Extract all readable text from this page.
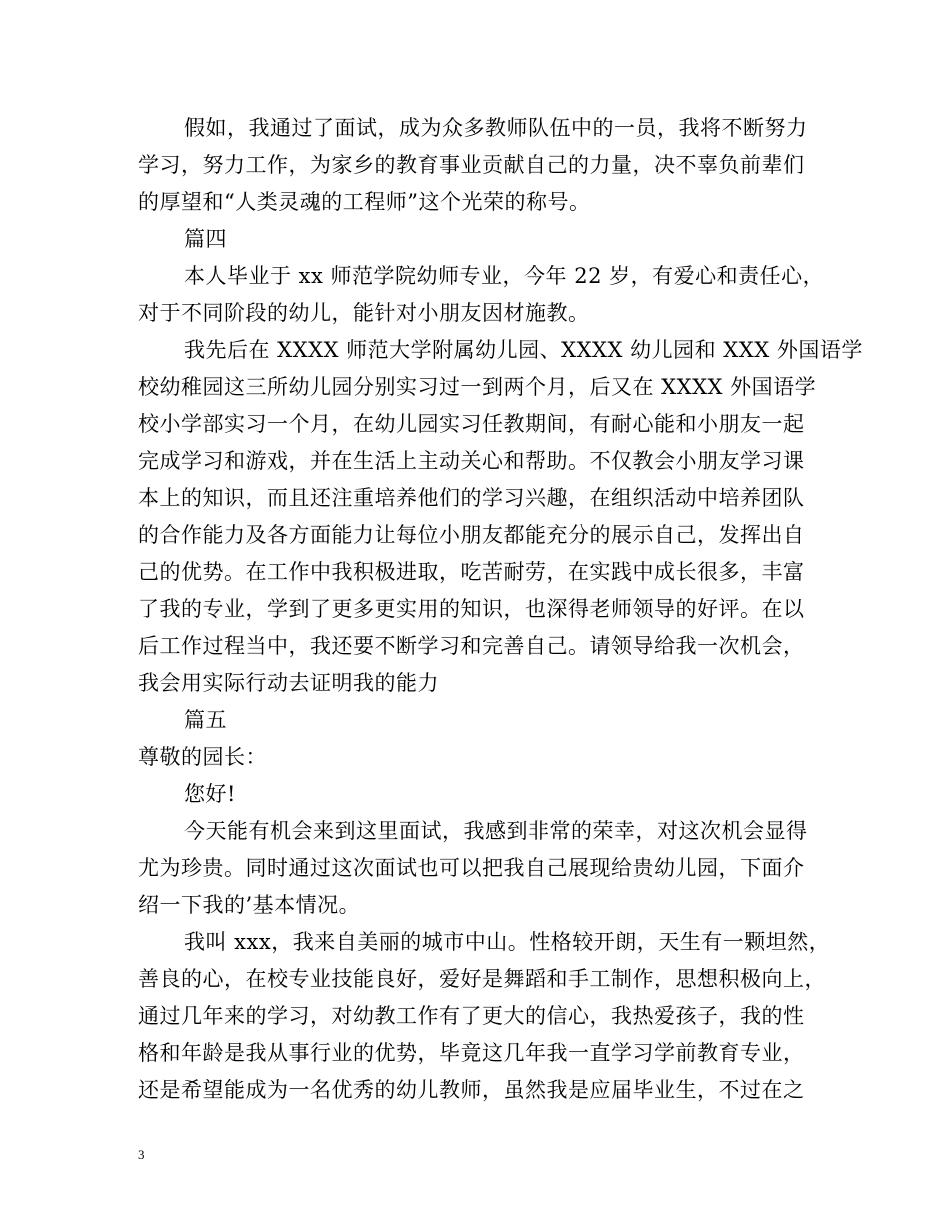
假如，我通过了面试，成为众多教师队伍中的一员，我将不断努力
学习，努力工作，为家乡的教育事业贡献自己的力量，决不辜负前辈们
的厚望和“人类灵魂的工程师”这个光荣的称号。
篇四
本人毕业于 xx 师范学院幼师专业，今年 22 岁，有爱心和责任心，
对于不同阶段的幼儿，能针对小朋友因材施教。
我先后在 XXXX 师范大学附属幼儿园、XXXX 幼儿园和 XXX 外国语学
校幼稚园这三所幼儿园分别实习过一到两个月，后又在 XXXX 外国语学
校小学部实习一个月，在幼儿园实习任教期间，有耐心能和小朋友一起
完成学习和游戏，并在生活上主动关心和帮助。不仅教会小朋友学习课
本上的知识，而且还注重培养他们的学习兴趣，在组织活动中培养团队
的合作能力及各方面能力让每位小朋友都能充分的展示自己，发挥出自
己的优势。在工作中我积极进取，吃苦耐劳，在实践中成长很多，丰富
了我的专业，学到了更多更实用的知识，也深得老师领导的好评。在以
后工作过程当中，我还要不断学习和完善自己。请领导给我一次机会，
我会用实际行动去证明我的能力
篇五
尊敬的园长：
您好!
今天能有机会来到这里面试，我感到非常的荣幸，对这次机会显得
尤为珍贵。同时通过这次面试也可以把我自己展现给贵幼儿园，下面介
绍一下我的’基本情况。
我叫 xxx，我来自美丽的城市中山。性格较开朗，天生有一颗坦然，
善良的心，在校专业技能良好，爱好是舞蹈和手工制作，思想积极向上，
通过几年来的学习，对幼教工作有了更大的信心，我热爱孩子，我的性
格和年龄是我从事行业的优势，毕竟这几年我一直学习学前教育专业，
还是希望能成为一名优秀的幼儿教师，虽然我是应届毕业生，不过在之
3
